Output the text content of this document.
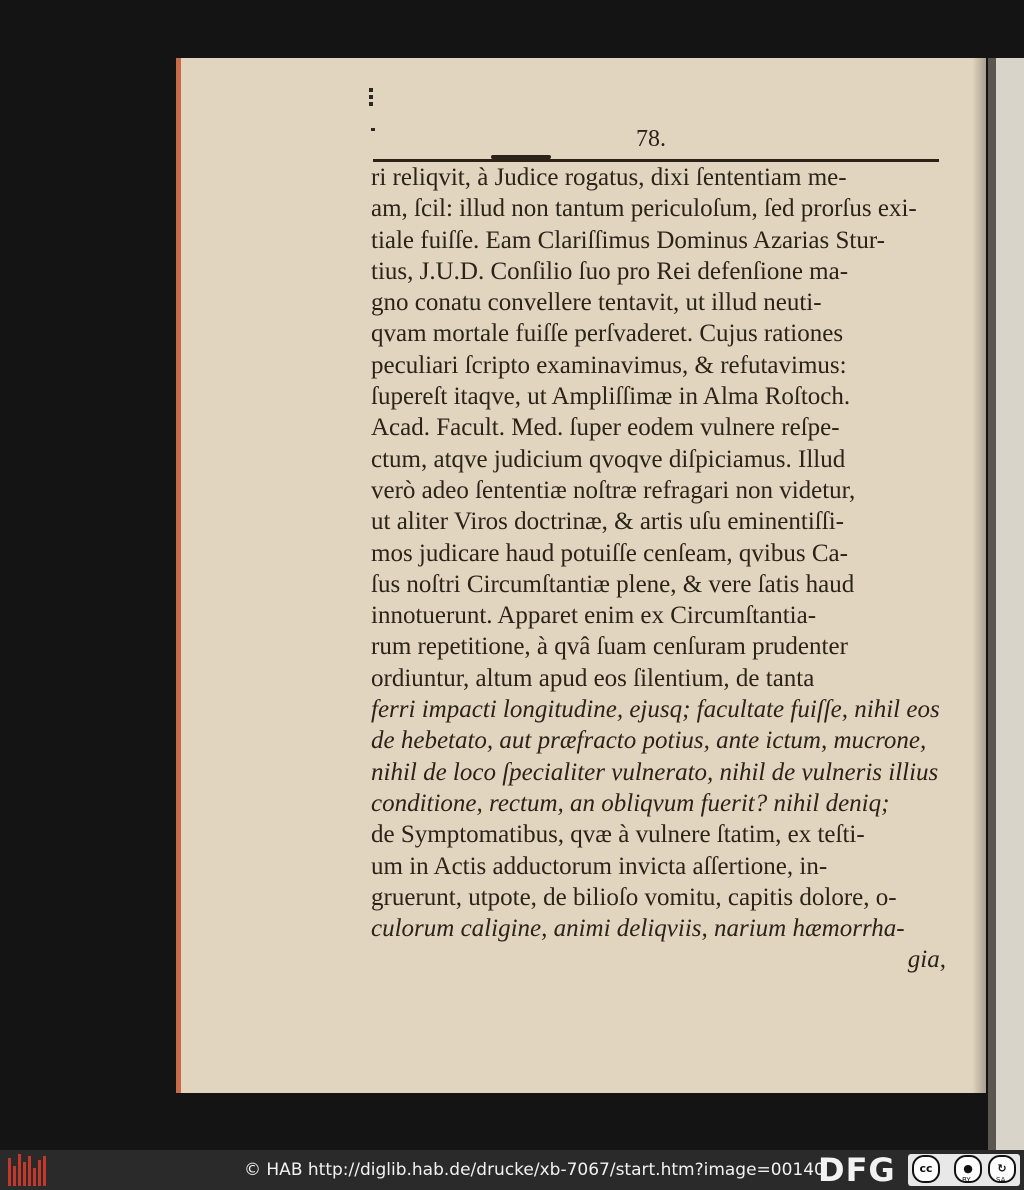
78.
ri reliqvit, à Judice rogatus, dixi ſententiam me-
am, ſcil: illud non tantum periculoſum, ſed prorſus exi-
tiale fuiſſe. Eam Clariſſimus Dominus Azarias Stur-
tius, J.U.D. Conſilio ſuo pro Rei defenſione ma-
gno conatu convellere tentavit, ut illud neuti-
qvam mortale fuiſſe perſvaderet. Cujus rationes
peculiari ſcripto examinavimus, & refutavimus:
ſupereſt itaqve, ut Ampliſſimæ in Alma Roſtoch.
Acad. Facult. Med. ſuper eodem vulnere reſpe-
ctum, atqve judicium qvoqve diſpiciamus. Illud
verò adeo ſententiæ noſtræ refragari non videtur,
ut aliter Viros doctrinæ, & artis uſu eminentiſſi-
mos judicare haud potuiſſe cenſeam, qvibus Ca-
ſus noſtri Circumſtantiæ plene, & vere ſatis haud
innotuerunt. Apparet enim ex Circumſtantia-
rum repetitione, à qvâ ſuam cenſuram prudenter
ordiuntur, altum apud eos ſilentium, de tanta
ferri impacti longitudine, ejusq; facultate fuiſſe, nihil eos
de hebetato, aut præfracto potius, ante ictum, mucrone,
nihil de loco ſpecialiter vulnerato, nihil de vulneris illius
conditione, rectum, an obliqvum fuerit? nihil deniq;
de Symptomatibus, qvæ à vulnere ſtatim, ex teſti-
um in Actis adductorum invicta aſſertione, in-
gruerunt, utpote, de bilioſo vomitu, capitis dolore, o-
culorum caligine, animi deliqviis, narium hæmorrha-
gia,
© HAB http://diglib.hab.de/drucke/xb-7067/start.htm?image=00140
DFG	cc	●	↻
BY	SA
